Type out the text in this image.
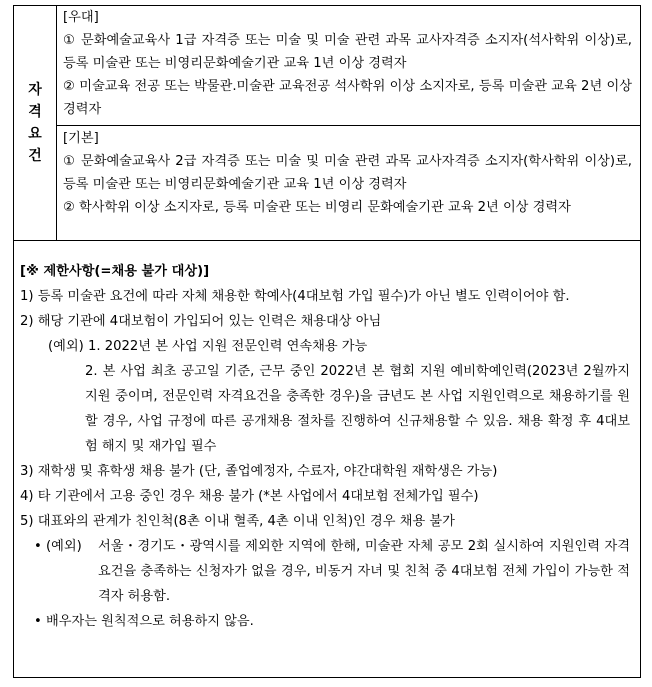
자격요건
[우대]
① 문화예술교육사 1급 자격증 또는 미술 및 미술 관련 과목 교사자격증 소지자(석사학위 이상)로, 등록 미술관 또는 비영리문화예술기관 교육 1년 이상 경력자
② 미술교육 전공 또는 박물관.미술관 교육전공 석사학위 이상 소지자로, 등록 미술관 교육 2년 이상 경력자
[기본]
① 문화예술교육사 2급 자격증 또는 미술 및 미술 관련 과목 교사자격증 소지자(학사학위 이상)로, 등록 미술관 또는 비영리문화예술기관 교육 1년 이상 경력자
② 학사학위 이상 소지자로, 등록 미술관 또는 비영리 문화예술기관 교육 2년 이상 경력자

[※ 제한사항(=채용 불가 대상)]

1) 등록 미술관 요건에 따라 자체 채용한 학예사(4대보험 가입 필수)가 아닌 별도 인력이어야 함.

2) 해당 기관에 4대보험이 가입되어 있는 인력은 채용대상 아님

(예외) 1. 2022년 본 사업 지원 전문인력 연속채용 가능

2. 본 사업 최초 공고일 기준, 근무 중인 2022년 본 협회 지원 예비학예인력(2023년 2월까지 지원 중이며, 전문인력 자격요건을 충족한 경우)을 금년도 본 사업 지원인력으로 채용하기를 원할 경우, 사업 규정에 따른 공개채용 절차를 진행하여 신규채용할 수 있음. 채용 확정 후 4대보험 해지 및 재가입 필수

3) 재학생 및 휴학생 채용 불가 (단, 졸업예정자, 수료자, 야간대학원 재학생은 가능)

4) 타 기관에서 고용 중인 경우 채용 불가 (*본 사업에서 4대보험 전체가입 필수)

5) 대표와의 관계가 친인척(8촌 이내 혈족, 4촌 이내 인척)인 경우 채용 불가

• (예외)	서울・경기도・광역시를 제외한 지역에 한해, 미술관 자체 공모 2회 실시하여 지원인력 자격요건을 충족하는 신청자가 없을 경우, 비동거 자녀 및 친척 중 4대보험 전체 가입이 가능한 적격자 허용함.

• 배우자는 원칙적으로 허용하지 않음.
